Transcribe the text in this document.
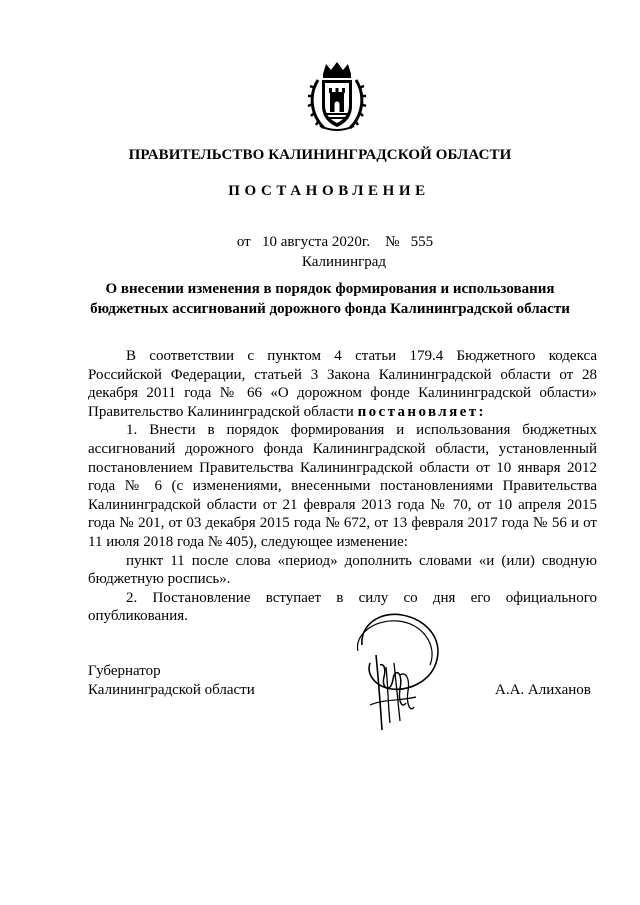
ПРАВИТЕЛЬСТВО КАЛИНИНГРАДСКОЙ ОБЛАСТИ
ПОСТАНОВЛЕНИЕ
от 10 августа 2020г. № 555
Калининград
О внесении изменения в порядок формирования и использования
бюджетных ассигнований дорожного фонда Калининградской области

В соответствии с пунктом 4 статьи 179.4 Бюджетного кодекса Российской Федерации, статьей 3 Закона Калининградской области от 28 декабря 2011 года № 66 «О дорожном фонде Калининградской области» Правительство Калининградской области постановляет:

1. Внести в порядок формирования и использования бюджетных ассигнований дорожного фонда Калининградской области, установленный постановлением Правительства Калининградской области от 10 января 2012 года № 6 (с изменениями, внесенными постановлениями Правительства Калининградской области от 21 февраля 2013 года № 70, от 10 апреля 2015 года № 201, от 03 декабря 2015 года № 672, от 13 февраля 2017 года № 56 и от 11 июля 2018 года № 405), следующее изменение:

пункт 11 после слова «период» дополнить словами «и (или) сводную бюджетную роспись».

2. Постановление вступает в силу со дня его официального опубликования.

Губернатор
Калининградской области	А.А. Алиханов
